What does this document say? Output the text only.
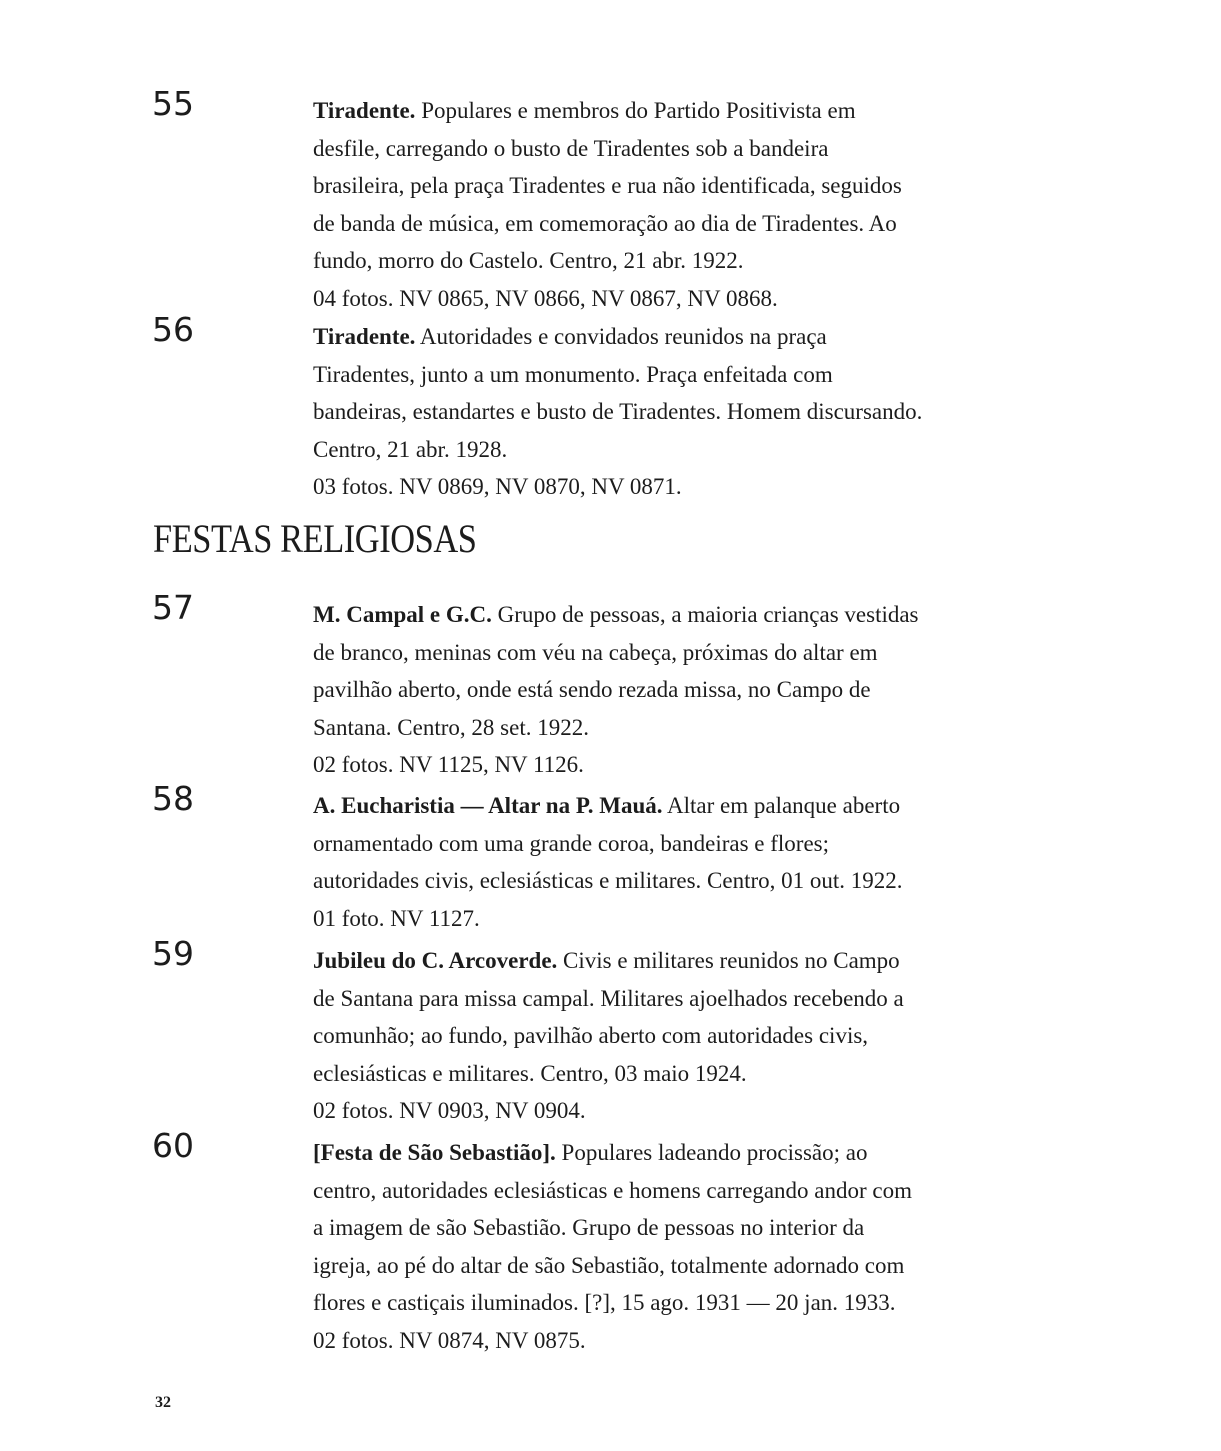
55	Tiradente. Populares e membros do Partido Positivista em desfile, carregando o busto de Tiradentes sob a bandeira brasileira, pela praça Tiradentes e rua não identificada, seguidos de banda de música, em comemoração ao dia de Tiradentes. Ao fundo, morro do Castelo. Centro, 21 abr. 1922.

04 fotos. NV 0865, NV 0866, NV 0867, NV 0868.

56	Tiradente. Autoridades e convidados reunidos na praça Tiradentes, junto a um monumento. Praça enfeitada com bandeiras, estandartes e busto de Tiradentes. Homem discursando. Centro, 21 abr. 1928.

03 fotos. NV 0869, NV 0870, NV 0871.

FESTAS RELIGIOSAS
57	M. Campal e G.C. Grupo de pessoas, a maioria crianças vestidas de branco, meninas com véu na cabeça, próximas do altar em pavilhão aberto, onde está sendo rezada missa, no Campo de Santana. Centro, 28 set. 1922.

02 fotos. NV 1125, NV 1126.

58	A. Eucharistia — Altar na P. Mauá. Altar em palanque aberto ornamentado com uma grande coroa, bandeiras e flores; autoridades civis, eclesiásticas e militares. Centro, 01 out. 1922.

01 foto. NV 1127.

59	Jubileu do C. Arcoverde. Civis e militares reunidos no Campo de Santana para missa campal. Militares ajoelhados recebendo a comunhão; ao fundo, pavilhão aberto com autoridades civis, eclesiásticas e militares. Centro, 03 maio 1924.

02 fotos. NV 0903, NV 0904.

60	[Festa de São Sebastião]. Populares ladeando procissão; ao centro, autoridades eclesiásticas e homens carregando andor com a imagem de são Sebastião. Grupo de pessoas no interior da igreja, ao pé do altar de são Sebastião, totalmente adornado com flores e castiçais iluminados. [?], 15 ago. 1931 — 20 jan. 1933.

02 fotos. NV 0874, NV 0875.

32
